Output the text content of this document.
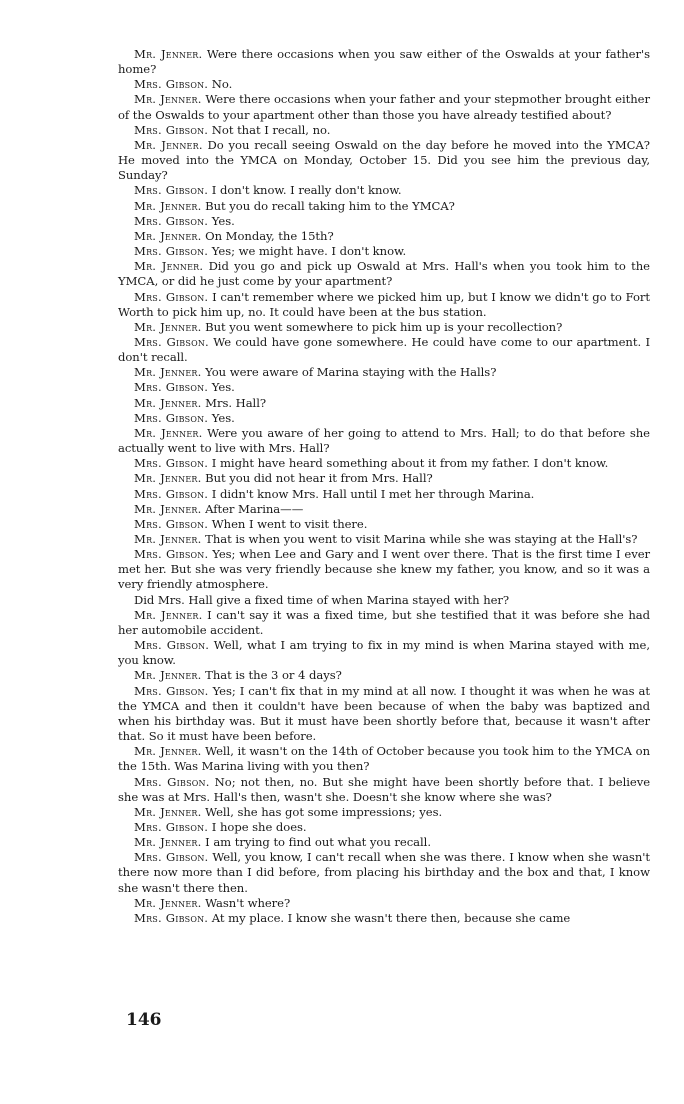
Mr. Jenner. Were there occasions when you saw either of the Oswalds at your father's home?

Mrs. Gibson. No.

Mr. Jenner. Were there occasions when your father and your stepmother brought either of the Oswalds to your apartment other than those you have already testified about?

Mrs. Gibson. Not that I recall, no.

Mr. Jenner. Do you recall seeing Oswald on the day before he moved into the YMCA? He moved into the YMCA on Monday, October 15. Did you see him the previous day, Sunday?

Mrs. Gibson. I don't know. I really don't know.

Mr. Jenner. But you do recall taking him to the YMCA?

Mrs. Gibson. Yes.

Mr. Jenner. On Monday, the 15th?

Mrs. Gibson. Yes; we might have. I don't know.

Mr. Jenner. Did you go and pick up Oswald at Mrs. Hall's when you took him to the YMCA, or did he just come by your apartment?

Mrs. Gibson. I can't remember where we picked him up, but I know we didn't go to Fort Worth to pick him up, no. It could have been at the bus station.

Mr. Jenner. But you went somewhere to pick him up is your recollection?

Mrs. Gibson. We could have gone somewhere. He could have come to our apartment. I don't recall.

Mr. Jenner. You were aware of Marina staying with the Halls?

Mrs. Gibson. Yes.

Mr. Jenner. Mrs. Hall?

Mrs. Gibson. Yes.

Mr. Jenner. Were you aware of her going to attend to Mrs. Hall; to do that before she actually went to live with Mrs. Hall?

Mrs. Gibson. I might have heard something about it from my father. I don't know.

Mr. Jenner. But you did not hear it from Mrs. Hall?

Mrs. Gibson. I didn't know Mrs. Hall until I met her through Marina.

Mr. Jenner. After Marina——

Mrs. Gibson. When I went to visit there.

Mr. Jenner. That is when you went to visit Marina while she was staying at the Hall's?

Mrs. Gibson. Yes; when Lee and Gary and I went over there. That is the first time I ever met her. But she was very friendly because she knew my father, you know, and so it was a very friendly atmosphere.

Did Mrs. Hall give a fixed time of when Marina stayed with her?

Mr. Jenner. I can't say it was a fixed time, but she testified that it was before she had her automobile accident.

Mrs. Gibson. Well, what I am trying to fix in my mind is when Marina stayed with me, you know.

Mr. Jenner. That is the 3 or 4 days?

Mrs. Gibson. Yes; I can't fix that in my mind at all now. I thought it was when he was at the YMCA and then it couldn't have been because of when the baby was baptized and when his birthday was. But it must have been shortly before that, because it wasn't after that. So it must have been before.

Mr. Jenner. Well, it wasn't on the 14th of October because you took him to the YMCA on the 15th. Was Marina living with you then?

Mrs. Gibson. No; not then, no. But she might have been shortly before that. I believe she was at Mrs. Hall's then, wasn't she. Doesn't she know where she was?

Mr. Jenner. Well, she has got some impressions; yes.

Mrs. Gibson. I hope she does.

Mr. Jenner. I am trying to find out what you recall.

Mrs. Gibson. Well, you know, I can't recall when she was there. I know when she wasn't there now more than I did before, from placing his birthday and the box and that, I know she wasn't there then.

Mr. Jenner. Wasn't where?

Mrs. Gibson. At my place. I know she wasn't there then, because she came

146
